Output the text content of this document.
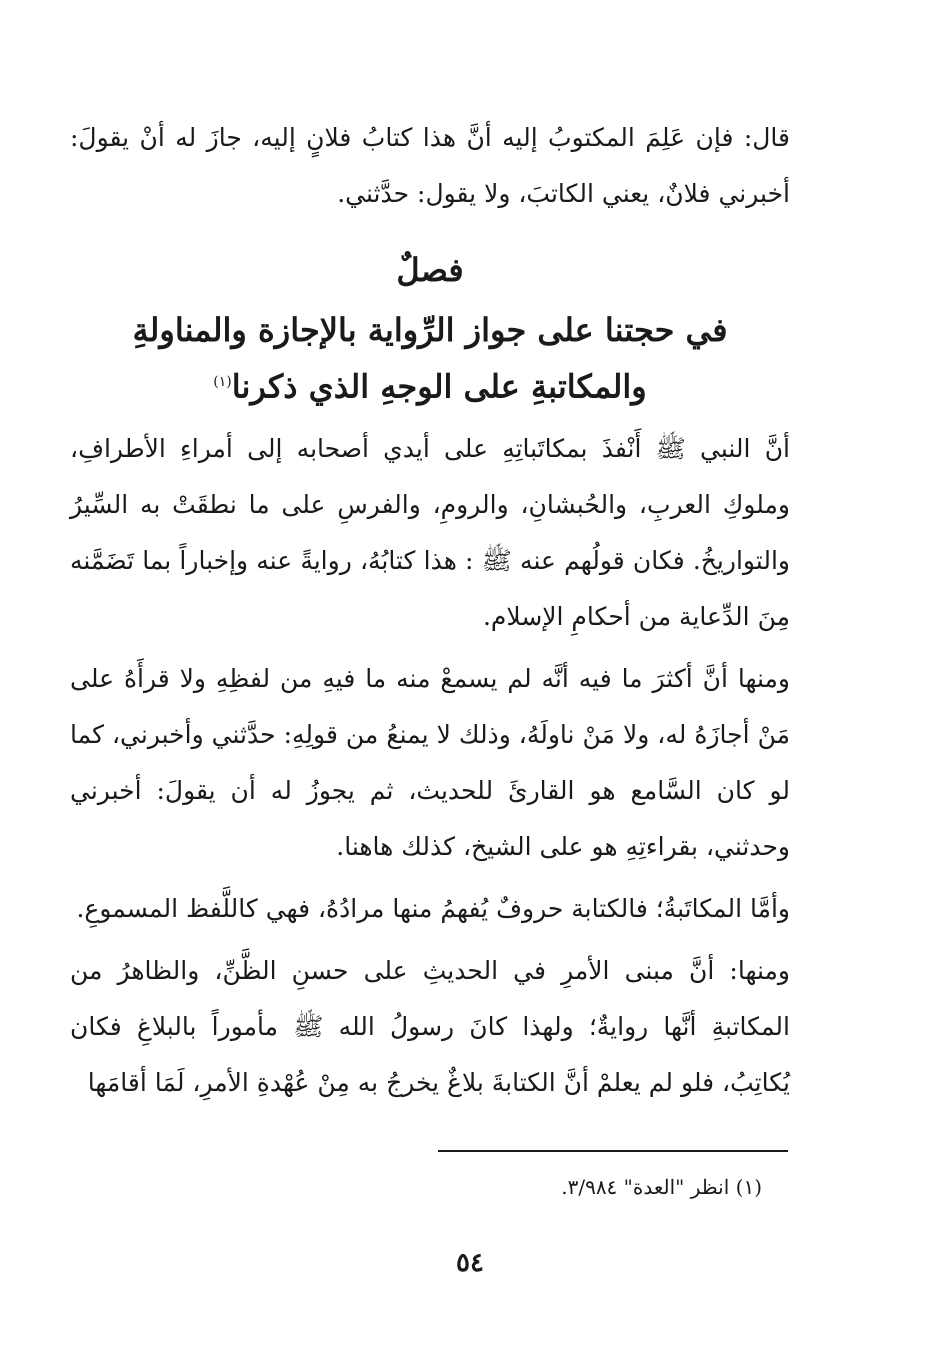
قال: فإن عَلِمَ المكتوبُ إليه أنَّ هذا كتابُ فلانٍ إليه، جازَ له أنْ يقولَ: أخبرني فلانٌ، يعني الكاتبَ، ولا يقول: حدَّثني.

فصلٌ
في حجتنا على جواز الرِّواية بالإجازة والمناولةِ والمكاتبةِ على الوجهِ الذي ذكرنا$^{(١)}$

أنَّ النبي ﷺ أَنْفذَ بمكاتَباتِهِ على أيدي أصحابه إلى أمراءِ الأطرافِ، وملوكِ العربِ، والحُبشانِ، والرومِ، والفرسِ على ما نطقَتْ به السِّيرُ والتواريخُ. فكان قولُهم عنه ﷺ : هذا كتابُهُ، روايةً عنه وإخباراً بما تَضَمَّنه مِنَ الدِّعاية من أحكامِ الإسلام.

ومنها أنَّ أكثرَ ما فيه أنَّه لم يسمعْ منه ما فيهِ من لفظِهِ ولا قرأَهُ على مَنْ أجازَهُ له، ولا مَنْ ناولَهُ، وذلك لا يمنعُ من قولِهِ: حدَّثني وأخبرني، كما لو كان السَّامع هو القارئَ للحديث، ثم يجوزُ له أن يقولَ: أخبرني وحدثني، بقراءتِهِ هو على الشيخ، كذلك هاهنا.

وأمَّا المكاتَبةُ؛ فالكتابة حروفٌ يُفهمُ منها مرادُهُ، فهي كاللَّفظ المسموعِ.

ومنها: أنَّ مبنى الأمرِ في الحديثِ على حسنِ الظَّنِّ، والظاهرُ من المكاتبةِ أنَّها روايةٌ؛ ولهذا كانَ رسولُ الله ﷺ مأموراً بالبلاغِ فكان يُكاتِبُ، فلو لم يعلمْ أنَّ الكتابةَ بلاغٌ يخرجُ به مِنْ عُهْدةِ الأمرِ، لَمَا أقامَها

(١) انظر "العدة" ٣/٩٨٤.
٥٤
